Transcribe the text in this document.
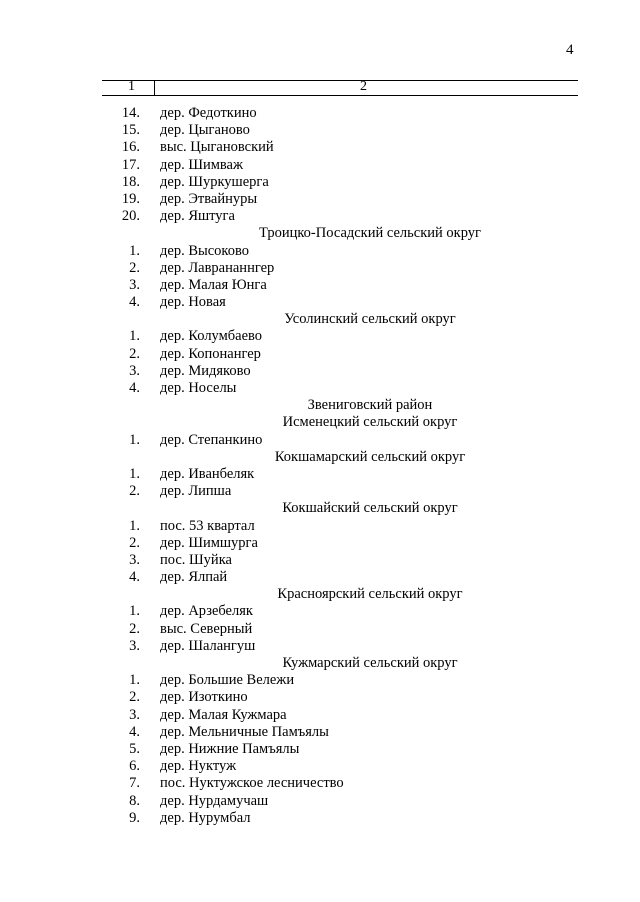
4
1	2
14. дер. Федоткино
15. дер. Цыганово
16. выс. Цыгановский
17. дер. Шимваж
18. дер. Шуркушерга
19. дер. Этвайнуры
20. дер. Яштуга
Троицко-Посадский сельский округ
1. дер. Высоково
2. дер. Лаврананнгер
3. дер. Малая Юнга
4. дер. Новая
Усолинский сельский округ
1. дер. Колумбаево
2. дер. Копонангер
3. дер. Мидяково
4. дер. Носелы
Звениговский район
Исменецкий сельский округ
1. дер. Степанкино
Кокшамарский сельский округ
1. дер. Иванбеляк
2. дер. Липша
Кокшайский сельский округ
1. пос. 53 квартал
2. дер. Шимшурга
3. пос. Шуйка
4. дер. Ялпай
Красноярский сельский округ
1. дер. Арзебеляк
2. выс. Северный
3. дер. Шалангуш
Кужмарский сельский округ
1. дер. Большие Вележи
2. дер. Изоткино
3. дер. Малая Кужмара
4. дер. Мельничные Памъялы
5. дер. Нижние Памъялы
6. дер. Нуктуж
7. пос. Нуктужское лесничество
8. дер. Нурдамучаш
9. дер. Нурумбал
